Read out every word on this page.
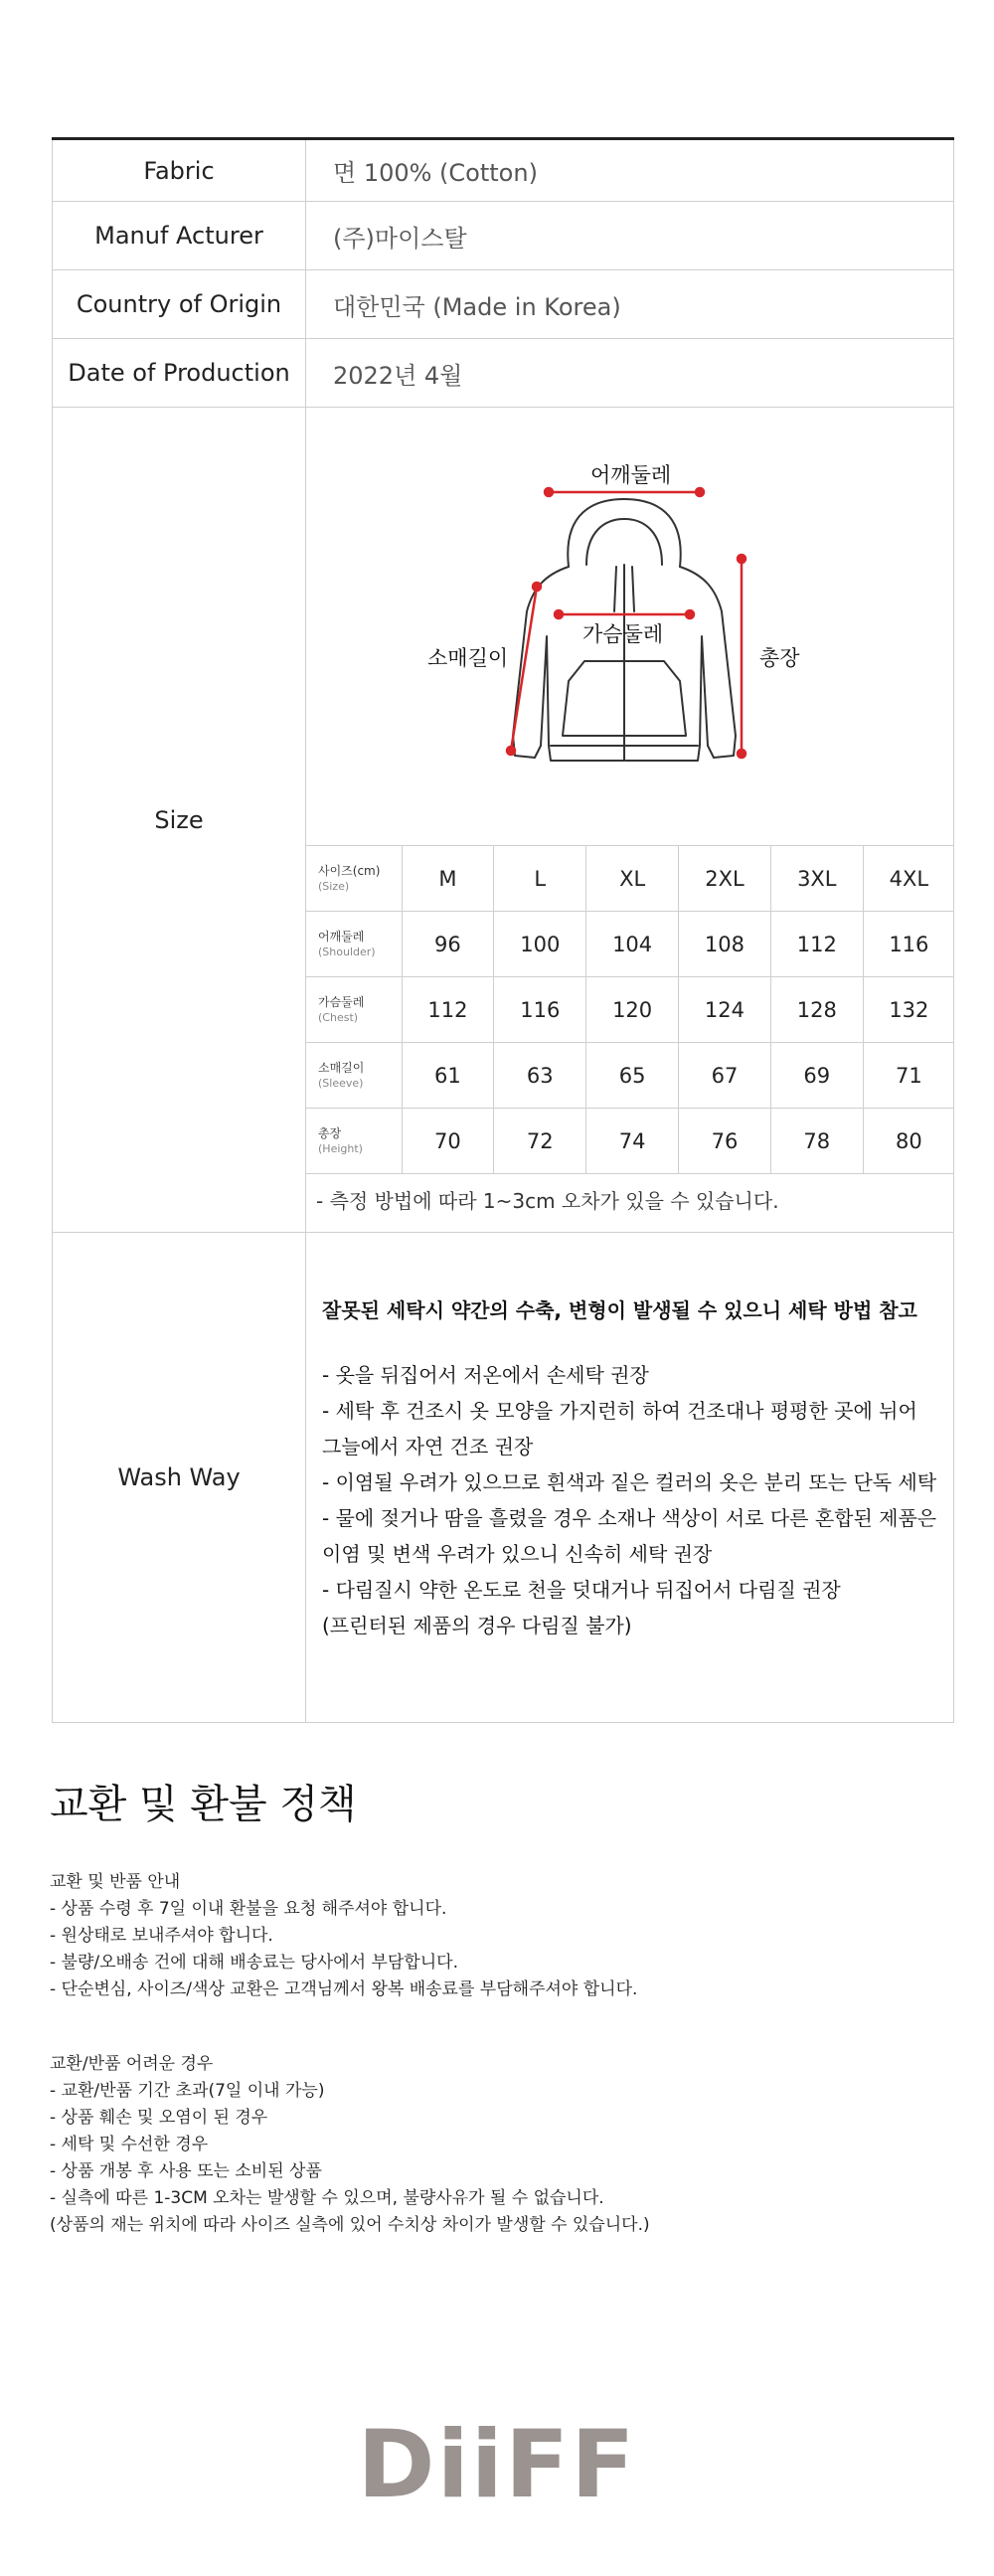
Fabric	면 100% (Cotton)
Manuf Acturer	(주)마이스탈
Country of Origin	대한민국 (Made in Korea)
Date of Production	2022년 4월
Size
어깨둘레
가슴둘레
소매길이	총장
사이즈(cm)
(Size)	M	L	XL	2XL	3XL	4XL

어깨둘레
(Shoulder)	96	100	104	108	112	116

가슴둘레
(Chest)	112	116	120	124	128	132

소매길이
(Sleeve)	61	63	65	67	69	71

총장
(Height)	70	72	74	76	78	80
- 측정 방법에 따라 1~3cm 오차가 있을 수 있습니다.
Wash Way
잘못된 세탁시 약간의 수축, 변형이 발생될 수 있으니 세탁 방법 참고
- 옷을 뒤집어서 저온에서 손세탁 권장
- 세탁 후 건조시 옷 모양을 가지런히 하여 건조대나 평평한 곳에 뉘어
그늘에서 자연 건조 권장
- 이염될 우려가 있으므로 흰색과 짙은 컬러의 옷은 분리 또는 단독 세탁
- 물에 젖거나 땀을 흘렸을 경우 소재나 색상이 서로 다른 혼합된 제품은
이염 및 변색 우려가 있으니 신속히 세탁 권장
- 다림질시 약한 온도로 천을 덧대거나 뒤집어서 다림질 권장
(프린터된 제품의 경우 다림질 불가)
교환 및 환불 정책
교환 및 반품 안내
- 상품 수령 후 7일 이내 환불을 요청 해주셔야 합니다.
- 원상태로 보내주셔야 합니다.
- 불량/오배송 건에 대해 배송료는 당사에서 부담합니다.
- 단순변심, 사이즈/색상 교환은 고객님께서 왕복 배송료를 부담해주셔야 합니다.
교환/반품 어려운 경우
- 교환/반품 기간 초과(7일 이내 가능)
- 상품 훼손 및 오염이 된 경우
- 세탁 및 수선한 경우
- 상품 개봉 후 사용 또는 소비된 상품
- 실측에 따른 1-3CM 오차는 발생할 수 있으며, 불량사유가 될 수 없습니다.
(상품의 재는 위치에 따라 사이즈 실측에 있어 수치상 차이가 발생할 수 있습니다.)
DiiFF
